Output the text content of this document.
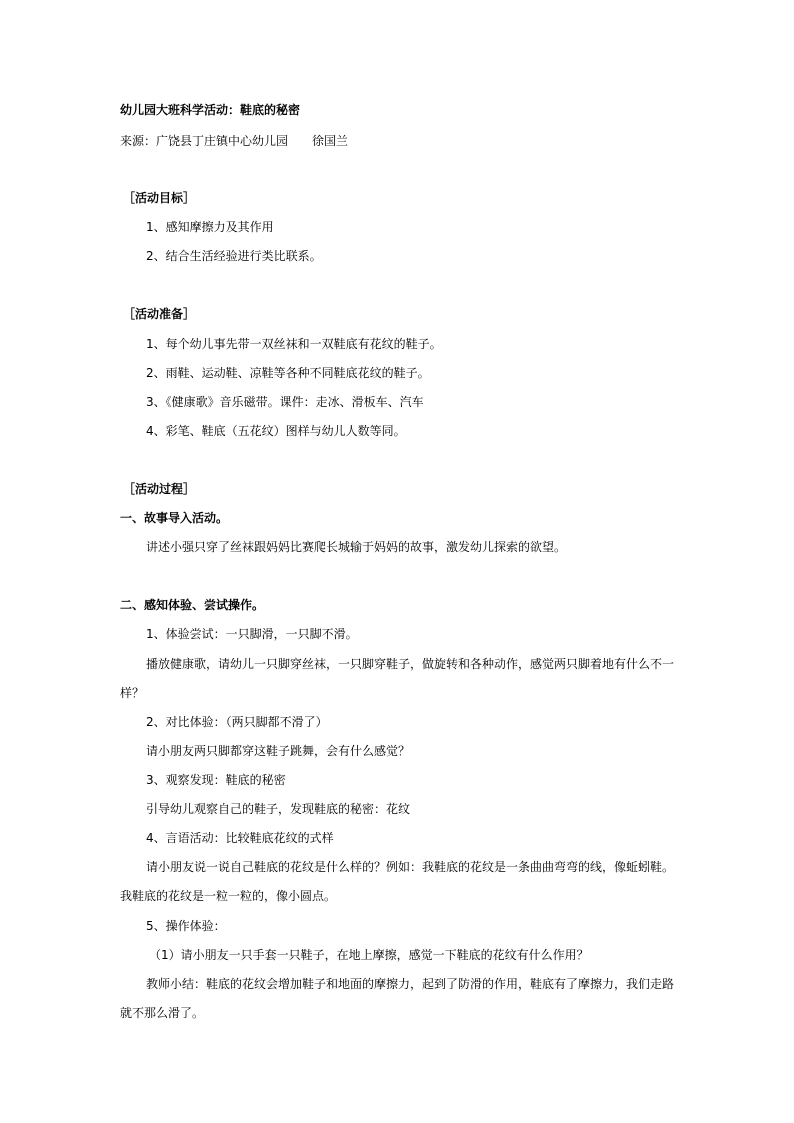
幼儿园大班科学活动：鞋底的秘密

来源：广饶县丁庄镇中心幼儿园　　徐国兰

［活动目标］

1、感知摩擦力及其作用

2、结合生活经验进行类比联系。

［活动准备］

1、每个幼儿事先带一双丝袜和一双鞋底有花纹的鞋子。

2、雨鞋、运动鞋、凉鞋等各种不同鞋底花纹的鞋子。

3、《健康歌》音乐磁带。课件：走冰、滑板车、汽车

4、彩笔、鞋底（五花纹）图样与幼儿人数等同。

［活动过程］

一、故事导入活动。

讲述小强只穿了丝袜跟妈妈比赛爬长城输于妈妈的故事，激发幼儿探索的欲望。

二、感知体验、尝试操作。

1、体验尝试：一只脚滑，一只脚不滑。

播放健康歌，请幼儿一只脚穿丝袜，一只脚穿鞋子，做旋转和各种动作，感觉两只脚着地有什么不一

样？

2、对比体验：（两只脚都不滑了）

请小朋友两只脚都穿这鞋子跳舞，会有什么感觉？

3、观察发现：鞋底的秘密

引导幼儿观察自己的鞋子，发现鞋底的秘密：花纹

4、言语活动：比较鞋底花纹的式样

请小朋友说一说自己鞋底的花纹是什么样的？例如：我鞋底的花纹是一条曲曲弯弯的线，像蚯蚓鞋。

我鞋底的花纹是一粒一粒的，像小圆点。

5、操作体验：

（1）请小朋友一只手套一只鞋子，在地上摩擦，感觉一下鞋底的花纹有什么作用？

教师小结：鞋底的花纹会增加鞋子和地面的摩擦力，起到了防滑的作用，鞋底有了摩擦力，我们走路

就不那么滑了。
